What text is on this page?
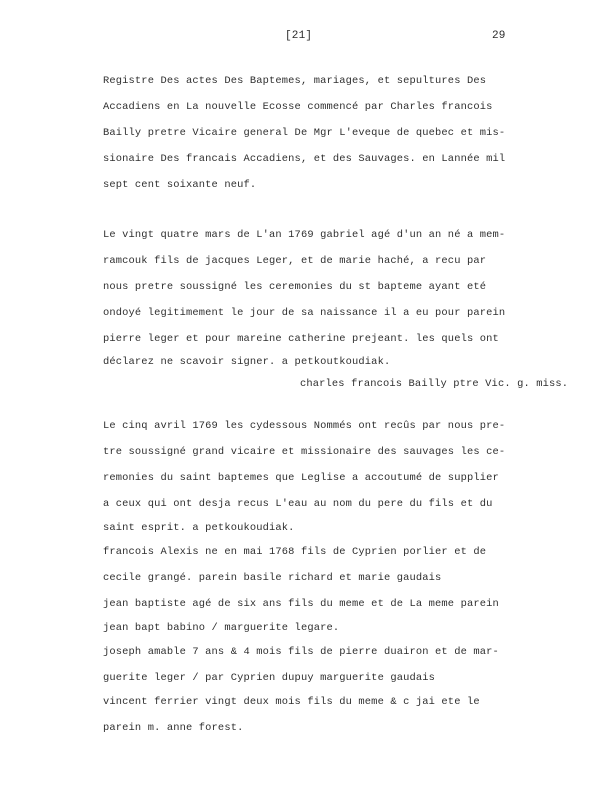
[21]	29
Registre Des actes Des Baptemes, mariages, et sepultures Des
Accadiens en La nouvelle Ecosse commencé par Charles francois
Bailly pretre Vicaire general De Mgr L'eveque de quebec et mis-
sionaire Des francais Accadiens, et des Sauvages. en Lannée mil
sept cent soixante neuf.
Le vingt quatre mars de L'an 1769 gabriel agé d'un an né a mem-
ramcouk fils de jacques Leger, et de marie haché, a recu par
nous pretre soussigné les ceremonies du st bapteme ayant eté
ondoyé legitimement le jour de sa naissance il a eu pour parein
pierre leger et pour mareine catherine prejeant. les quels ont
déclarez ne scavoir signer. a petkoutkoudiak.
charles francois Bailly ptre Vic. g. miss.
Le cinq avril 1769 les cydessous Nommés ont recûs par nous pre-
tre soussigné grand vicaire et missionaire des sauvages les ce-
remonies du saint baptemes que Leglise a accoutumé de supplier
a ceux qui ont desja recus L'eau au nom du pere du fils et du
saint esprit. a petkoukoudiak.
francois Alexis ne en mai 1768 fils de Cyprien porlier et de
cecile grangé. parein basile richard et marie gaudais
jean baptiste agé de six ans fils du meme et de La meme parein
jean bapt babino / marguerite legare.
joseph amable 7 ans & 4 mois fils de pierre duairon et de mar-
guerite leger / par Cyprien dupuy marguerite gaudais
vincent ferrier vingt deux mois fils du meme & c jai ete le
parein m. anne forest.
